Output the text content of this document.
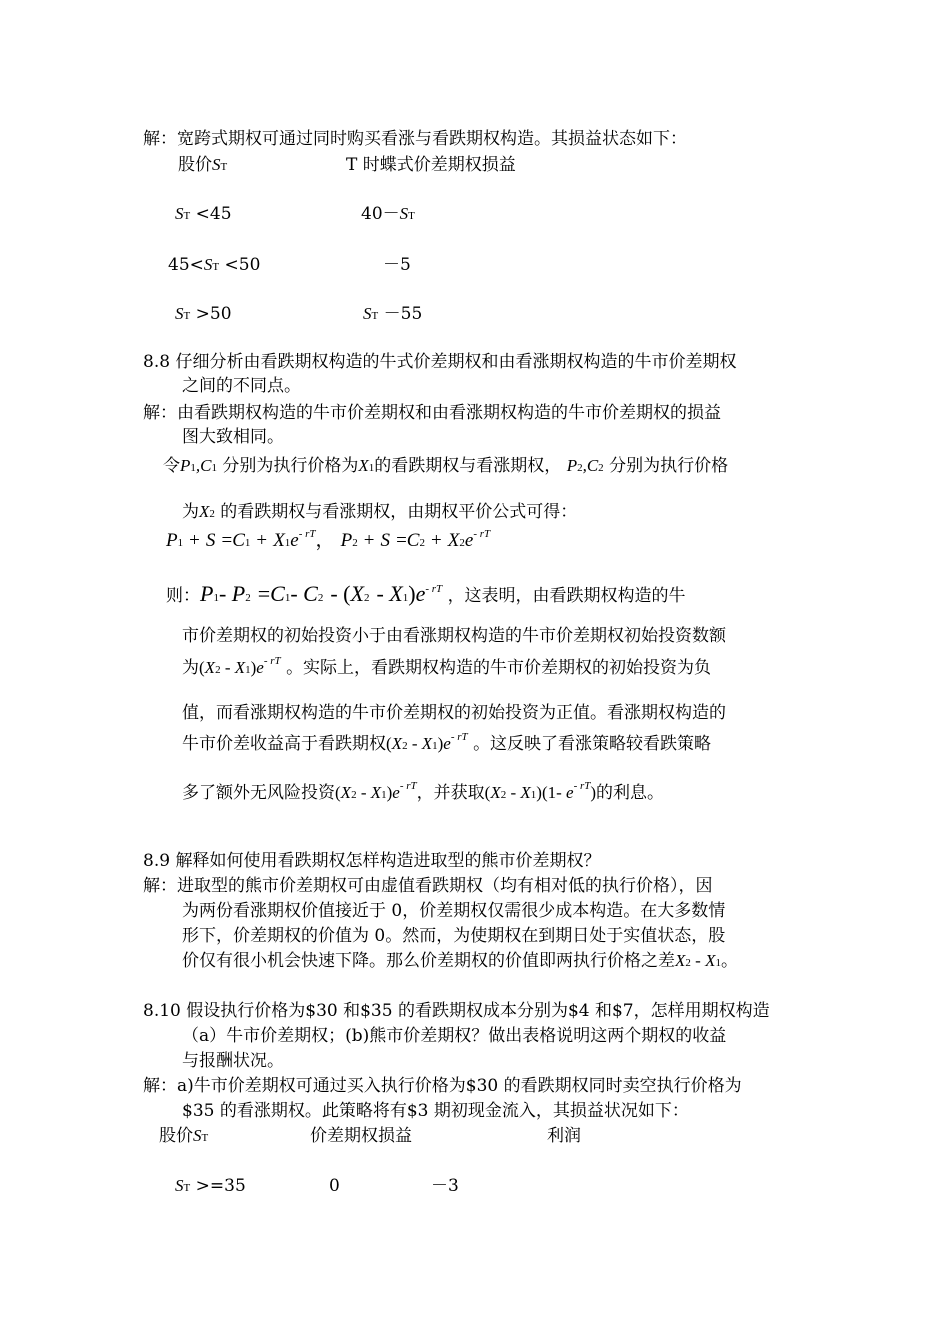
解：宽跨式期权可通过同时购买看涨与看跌期权构造。其损益状态如下：
股价ST	T 时蝶式价差期权损益
ST <45	40－ST
45<ST <50	－5
ST >50	ST －55
8.8 仔细分析由看跌期权构造的牛式价差期权和由看涨期权构造的牛市价差期权
之间的不同点。
解：由看跌期权构造的牛市价差期权和由看涨期权构造的牛市价差期权的损益
图大致相同。
令P1,C1 分别为执行价格为X1的看跌期权与看涨期权， P2,C2 分别为执行价格
为X2 的看跌期权与看涨期权，由期权平价公式可得：
$P1 + S =C1 + X1e^{- rT}$， $P2 + S =C2 + X2e^{- rT}$
则：P1- P2 =C1- $C2 - (X2 - X1)e^{- rT}$ ，这表明，由看跌期权构造的牛
市价差期权的初始投资小于由看涨期权构造的牛市价差期权初始投资数额
为$(X2 - X1)e^{- rT}$ 。实际上，看跌期权构造的牛市价差期权的初始投资为负
值，而看涨期权构造的牛市价差期权的初始投资为正值。看涨期权构造的
牛市价差收益高于看跌期权$(X2 - X1)e^{- rT}$ 。这反映了看涨策略较看跌策略
多了额外无风险投资$(X2 - X1)e^{- rT}$，并获取(X2 - X1)(1- $e^{- rT}$)的利息。
8.9 解释如何使用看跌期权怎样构造进取型的熊市价差期权？
解：进取型的熊市价差期权可由虚值看跌期权（均有相对低的执行价格），因
为两份看涨期权价值接近于 0，价差期权仅需很少成本构造。在大多数情
形下，价差期权的价值为 0。然而，为使期权在到期日处于实值状态，股
价仅有很小机会快速下降。那么价差期权的价值即两执行价格之差X2 - X1。
8.10 假设执行价格为$30 和$35 的看跌期权成本分别为$4 和$7，怎样用期权构造
（a）牛市价差期权；(b)熊市价差期权？做出表格说明这两个期权的收益
与报酬状况。
解：a)牛市价差期权可通过买入执行价格为$30 的看跌期权同时卖空执行价格为
$35 的看涨期权。此策略将有$3 期初现金流入，其损益状况如下：
股价ST	价差期权损益	利润
ST >=35	0	－3
